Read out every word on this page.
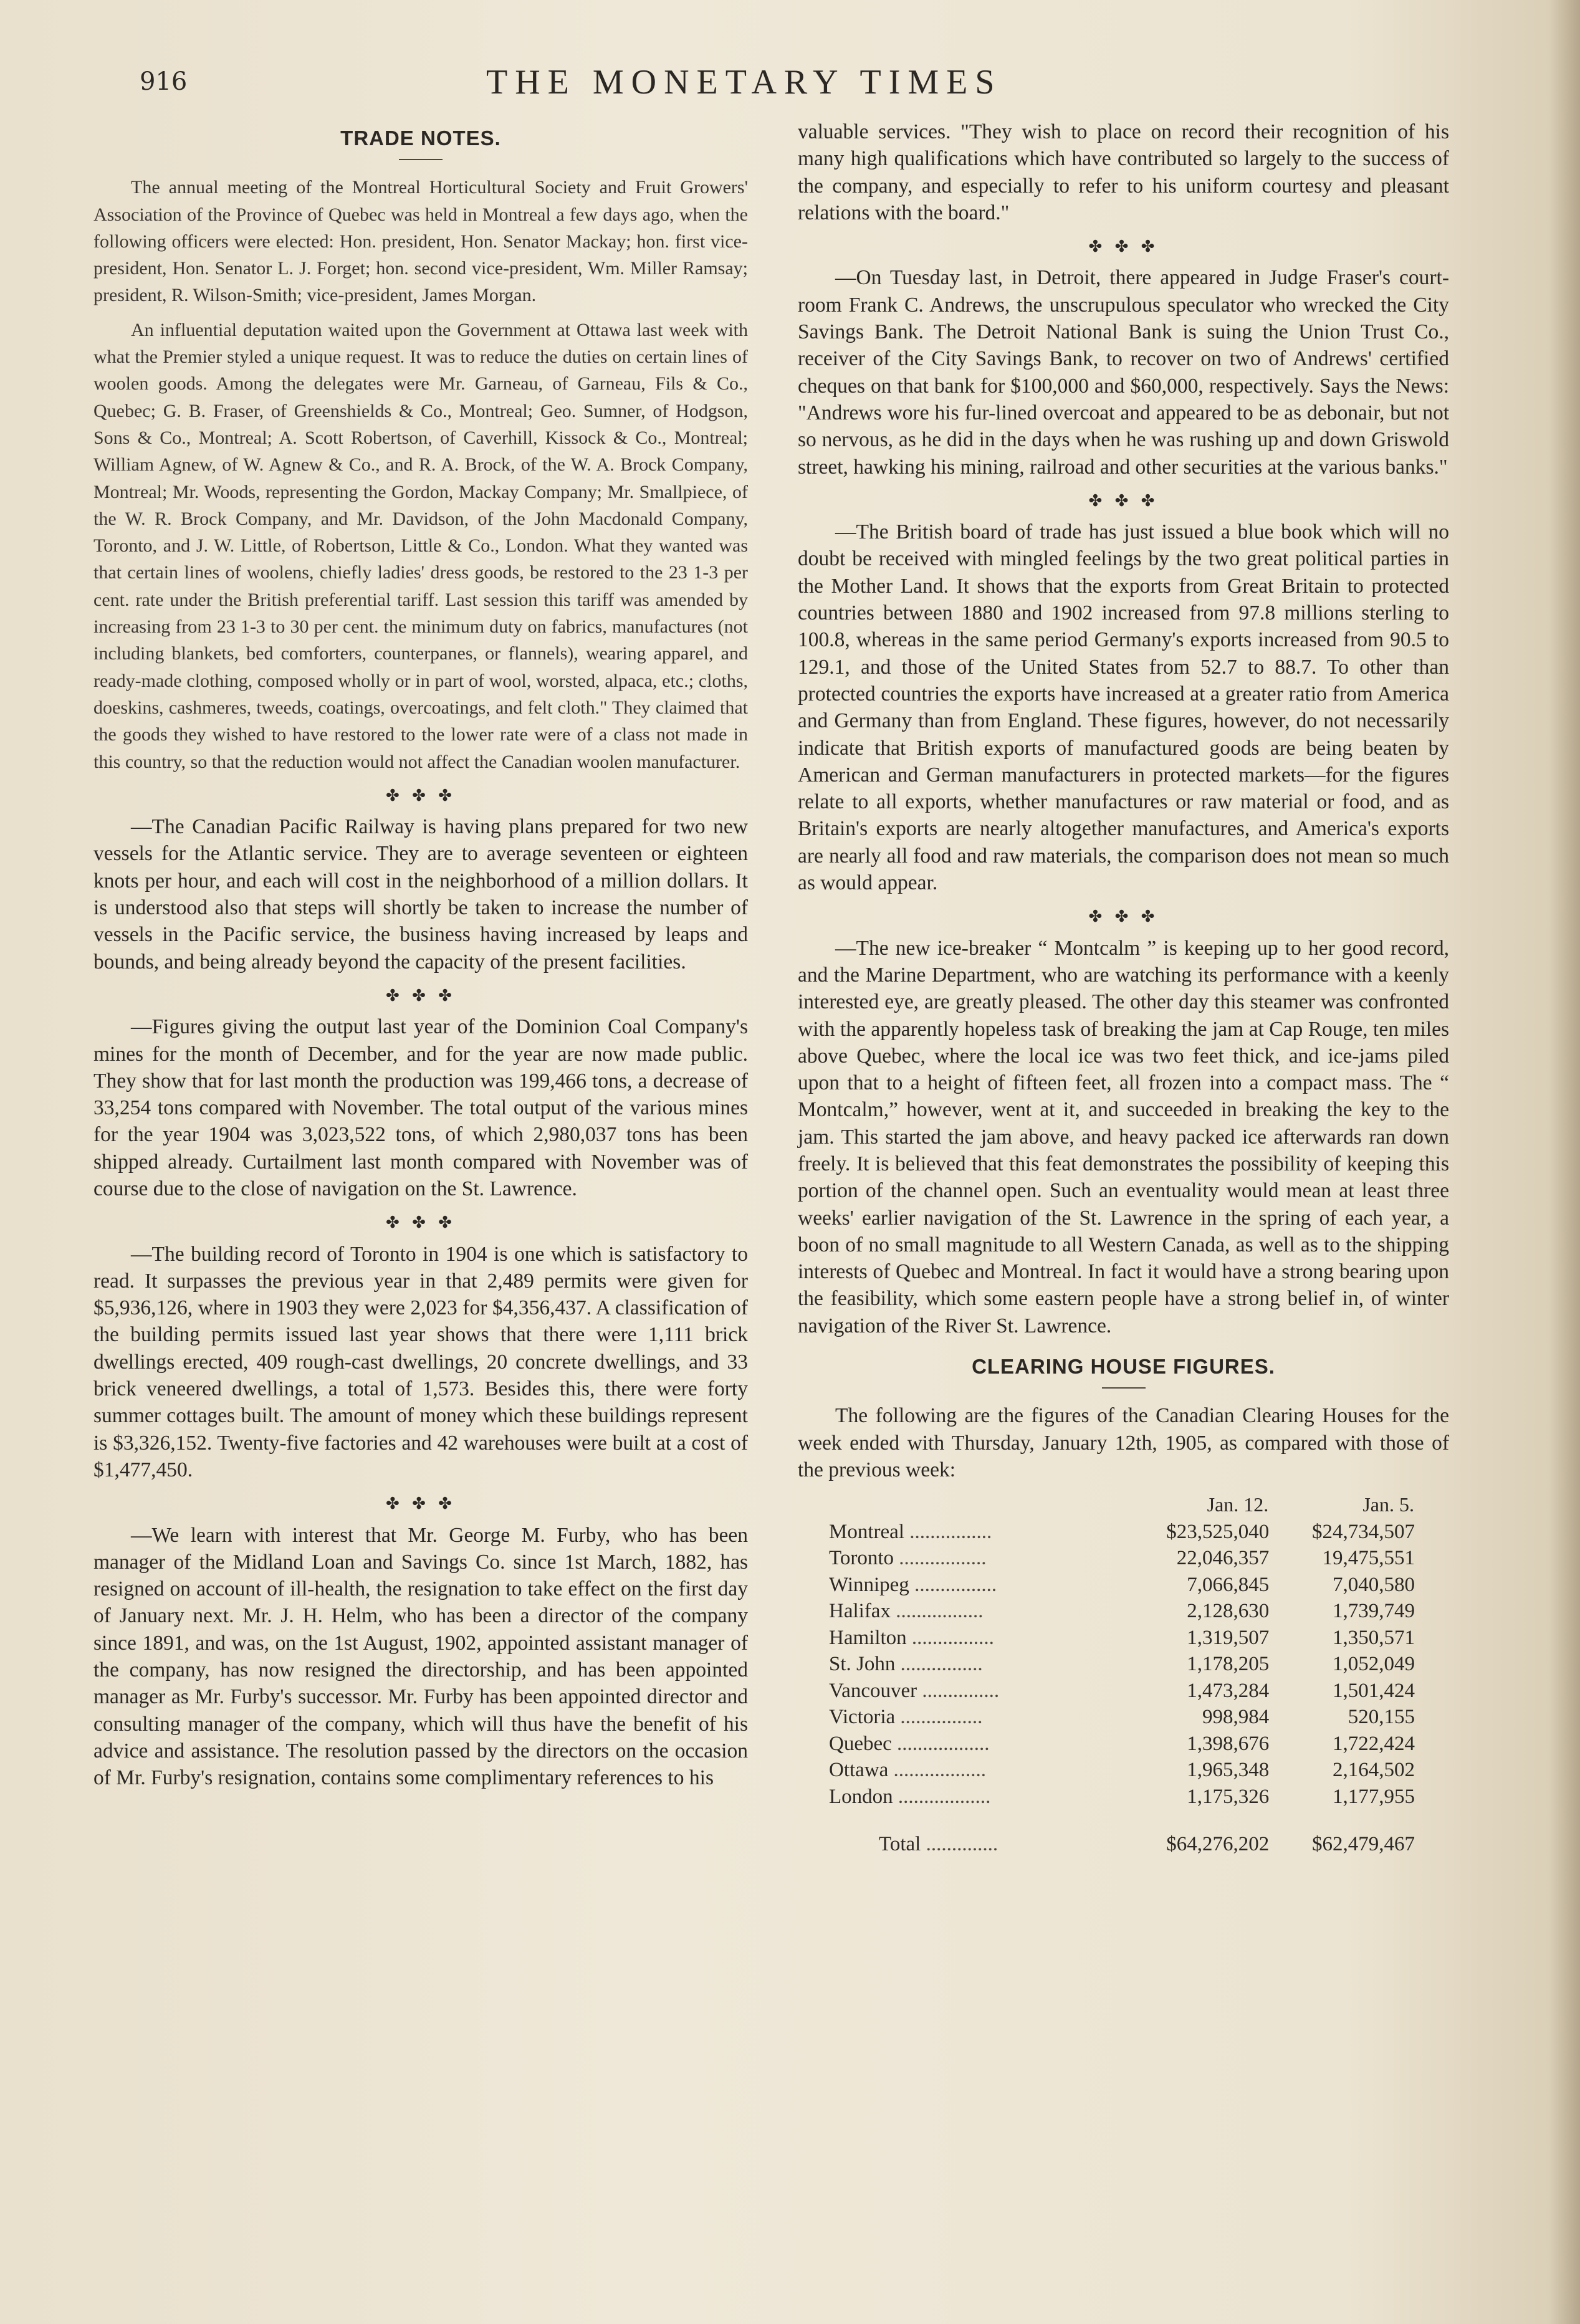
916	THE MONETARY TIMES
TRADE NOTES.

The annual meeting of the Montreal Horticultural Society and Fruit Growers' Association of the Province of Quebec was held in Montreal a few days ago, when the following officers were elected: Hon. president, Hon. Senator Mackay; hon. first vice-president, Hon. Senator L. J. Forget; hon. second vice-president, Wm. Miller Ramsay; president, R. Wilson-Smith; vice-president, James Morgan.

An influential deputation waited upon the Government at Ottawa last week with what the Premier styled a unique request. It was to reduce the duties on certain lines of woolen goods. Among the delegates were Mr. Garneau, of Garneau, Fils & Co., Quebec; G. B. Fraser, of Greenshields & Co., Montreal; Geo. Sumner, of Hodgson, Sons & Co., Montreal; A. Scott Robertson, of Caverhill, Kissock & Co., Montreal; William Agnew, of W. Agnew & Co., and R. A. Brock, of the W. A. Brock Company, Montreal; Mr. Woods, representing the Gordon, Mackay Company; Mr. Smallpiece, of the W. R. Brock Company, and Mr. Davidson, of the John Macdonald Company, Toronto, and J. W. Little, of Robertson, Little & Co., London. What they wanted was that certain lines of woolens, chiefly ladies' dress goods, be restored to the 23 1-3 per cent. rate under the British preferential tariff. Last session this tariff was amended by increasing from 23 1-3 to 30 per cent. the minimum duty on fabrics, manufactures (not including blankets, bed comforters, counterpanes, or flannels), wearing apparel, and ready-made clothing, composed wholly or in part of wool, worsted, alpaca, etc.; cloths, doeskins, cashmeres, tweeds, coatings, overcoatings, and felt cloth." They claimed that the goods they wished to have restored to the lower rate were of a class not made in this country, so that the reduction would not affect the Canadian woolen manufacturer.

✤ ✤ ✤

—The Canadian Pacific Railway is having plans prepared for two new vessels for the Atlantic service. They are to average seventeen or eighteen knots per hour, and each will cost in the neighborhood of a million dollars. It is understood also that steps will shortly be taken to increase the number of vessels in the Pacific service, the business having increased by leaps and bounds, and being already beyond the capacity of the present facilities.

✤ ✤ ✤

—Figures giving the output last year of the Dominion Coal Company's mines for the month of December, and for the year are now made public. They show that for last month the production was 199,466 tons, a decrease of 33,254 tons compared with November. The total output of the various mines for the year 1904 was 3,023,522 tons, of which 2,980,037 tons has been shipped already. Curtailment last month compared with November was of course due to the close of navigation on the St. Lawrence.

✤ ✤ ✤

—The building record of Toronto in 1904 is one which is satisfactory to read. It surpasses the previous year in that 2,489 permits were given for $5,936,126, where in 1903 they were 2,023 for $4,356,437. A classification of the building permits issued last year shows that there were 1,111 brick dwellings erected, 409 rough-cast dwellings, 20 concrete dwellings, and 33 brick veneered dwellings, a total of 1,573. Besides this, there were forty summer cottages built. The amount of money which these buildings represent is $3,326,152. Twenty-five factories and 42 warehouses were built at a cost of $1,477,450.

✤ ✤ ✤

—We learn with interest that Mr. George M. Furby, who has been manager of the Midland Loan and Savings Co. since 1st March, 1882, has resigned on account of ill-health, the resignation to take effect on the first day of January next. Mr. J. H. Helm, who has been a director of the company since 1891, and was, on the 1st August, 1902, appointed assistant manager of the company, has now resigned the directorship, and has been appointed manager as Mr. Furby's successor. Mr. Furby has been appointed director and consulting manager of the company, which will thus have the benefit of his advice and assistance. The resolution passed by the directors on the occasion of Mr. Furby's resignation, contains some complimentary references to his

valuable services. "They wish to place on record their recognition of his many high qualifications which have contributed so largely to the success of the company, and especially to refer to his uniform courtesy and pleasant relations with the board."

✤ ✤ ✤

—On Tuesday last, in Detroit, there appeared in Judge Fraser's court-room Frank C. Andrews, the unscrupulous speculator who wrecked the City Savings Bank. The Detroit National Bank is suing the Union Trust Co., receiver of the City Savings Bank, to recover on two of Andrews' certified cheques on that bank for $100,000 and $60,000, respectively. Says the News: "Andrews wore his fur-lined overcoat and appeared to be as debonair, but not so nervous, as he did in the days when he was rushing up and down Griswold street, hawking his mining, railroad and other securities at the various banks."

✤ ✤ ✤

—The British board of trade has just issued a blue book which will no doubt be received with mingled feelings by the two great political parties in the Mother Land. It shows that the exports from Great Britain to protected countries between 1880 and 1902 increased from 97.8 millions sterling to 100.8, whereas in the same period Germany's exports increased from 90.5 to 129.1, and those of the United States from 52.7 to 88.7. To other than protected countries the exports have increased at a greater ratio from America and Germany than from England. These figures, however, do not necessarily indicate that British exports of manufactured goods are being beaten by American and German manufacturers in protected markets—for the figures relate to all exports, whether manufactures or raw material or food, and as Britain's exports are nearly altogether manufactures, and America's exports are nearly all food and raw materials, the comparison does not mean so much as would appear.

✤ ✤ ✤

—The new ice-breaker “ Montcalm ” is keeping up to her good record, and the Marine Department, who are watching its performance with a keenly interested eye, are greatly pleased. The other day this steamer was confronted with the apparently hopeless task of breaking the jam at Cap Rouge, ten miles above Quebec, where the local ice was two feet thick, and ice-jams piled upon that to a height of fifteen feet, all frozen into a compact mass. The “ Montcalm,” however, went at it, and succeeded in breaking the key to the jam. This started the jam above, and heavy packed ice afterwards ran down freely. It is believed that this feat demonstrates the possibility of keeping this portion of the channel open. Such an eventuality would mean at least three weeks' earlier navigation of the St. Lawrence in the spring of each year, a boon of no small magnitude to all Western Canada, as well as to the shipping interests of Quebec and Montreal. In fact it would have a strong bearing upon the feasibility, which some eastern people have a strong belief in, of winter navigation of the River St. Lawrence.

CLEARING HOUSE FIGURES.

The following are the figures of the Canadian Clearing Houses for the week ended with Thursday, January 12th, 1905, as compared with those of the previous week:

	Jan. 12.	Jan. 5.
Montreal ................	$23,525,040	$24,734,507
Toronto .................	22,046,357	19,475,551
Winnipeg ................	7,066,845	7,040,580
Halifax .................	2,128,630	1,739,749
Hamilton ................	1,319,507	1,350,571
St. John ................	1,178,205	1,052,049
Vancouver ...............	1,473,284	1,501,424
Victoria ................	998,984	520,155
Quebec ..................	1,398,676	1,722,424
Ottawa ..................	1,965,348	2,164,502
London ..................	1,175,326	1,177,955
Total ..............	$64,276,202	$62,479,467
